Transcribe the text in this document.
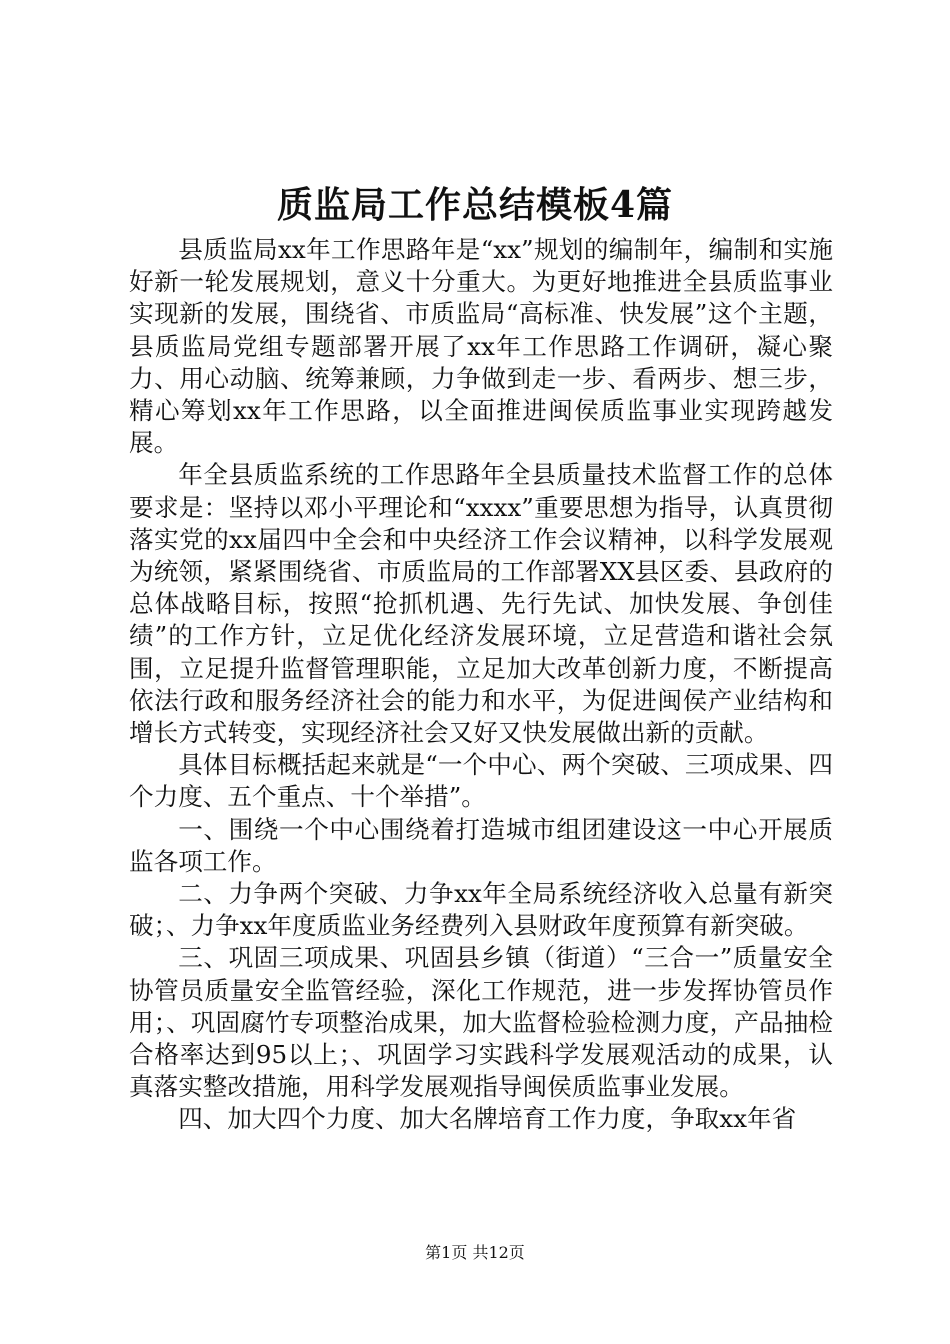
质监局工作总结模板4篇

县质监局xx年工作思路年是“xx”规划的编制年，编制和实施好新一轮发展规划，意义十分重大。为更好地推进全县质监事业实现新的发展，围绕省、市质监局“高标准、快发展”这个主题，县质监局党组专题部署开展了xx年工作思路工作调研，凝心聚力、用心动脑、统筹兼顾，力争做到走一步、看两步、想三步，精心筹划xx年工作思路，以全面推进闽侯质监事业实现跨越发展。

年全县质监系统的工作思路年全县质量技术监督工作的总体要求是：坚持以邓小平理论和“xxxx”重要思想为指导，认真贯彻落实党的xx届四中全会和中央经济工作会议精神，以科学发展观为统领，紧紧围绕省、市质监局的工作部署XX县区委、县政府的总体战略目标，按照“抢抓机遇、先行先试、加快发展、争创佳绩”的工作方针，立足优化经济发展环境，立足营造和谐社会氛围，立足提升监督管理职能，立足加大改革创新力度，不断提高依法行政和服务经济社会的能力和水平，为促进闽侯产业结构和增长方式转变，实现经济社会又好又快发展做出新的贡献。

具体目标概括起来就是“一个中心、两个突破、三项成果、四个力度、五个重点、十个举措”。

一、围绕一个中心围绕着打造城市组团建设这一中心开展质监各项工作。

二、力争两个突破、力争xx年全局系统经济收入总量有新突破；、力争xx年度质监业务经费列入县财政年度预算有新突破。

三、巩固三项成果、巩固县乡镇（街道）“三合一”质量安全协管员质量安全监管经验，深化工作规范，进一步发挥协管员作用；、巩固腐竹专项整治成果，加大监督检验检测力度，产品抽检合格率达到95以上；、巩固学习实践科学发展观活动的成果，认真落实整改措施，用科学发展观指导闽侯质监事业发展。

四、加大四个力度、加大名牌培育工作力度，争取xx年省

第1页 共12页
